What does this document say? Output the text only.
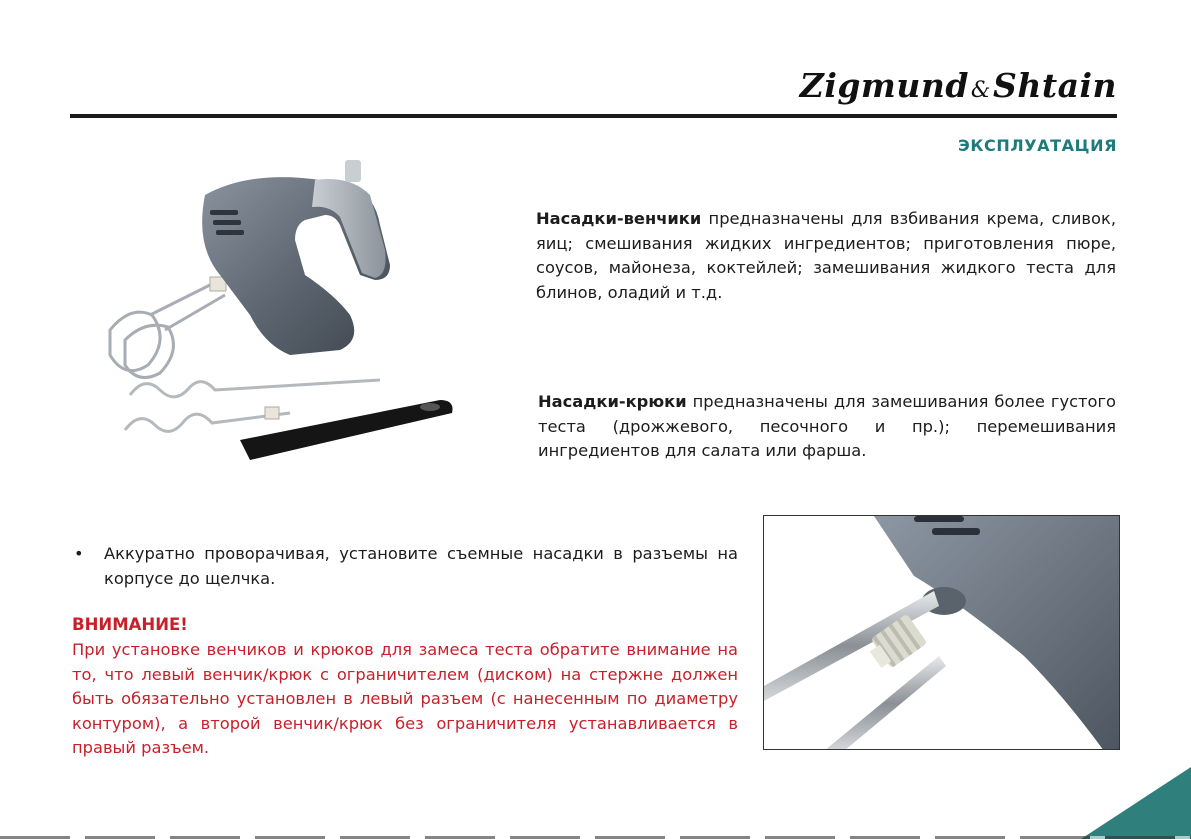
Zigmund&Shtain
ЭКСПЛУАТАЦИЯ
Насадки-венчики предназначены для взбивания крема, сливок, яиц; смешивания жидких ингредиентов; приготовления пюре, соусов, майонеза, коктейлей; замешивания жидкого теста для блинов, оладий и т.д.
Насадки-крюки предназначены для замешивания более густого теста (дрожжевого, песочного и пр.); перемешивания ингредиентов для салата или фарша.
• Аккуратно проворачивая, установите съемные насадки в разъемы на корпусе до щелчка.
ВНИМАНИЕ!
При установке венчиков и крюков для замеса теста обратите внимание на то, что левый венчик/крюк с ограничителем (диском) на стержне должен быть обязательно установлен в левый разъем (с нанесенным по диаметру контуром), а второй венчик/крюк без ограничителя устанавливается в правый разъем.
